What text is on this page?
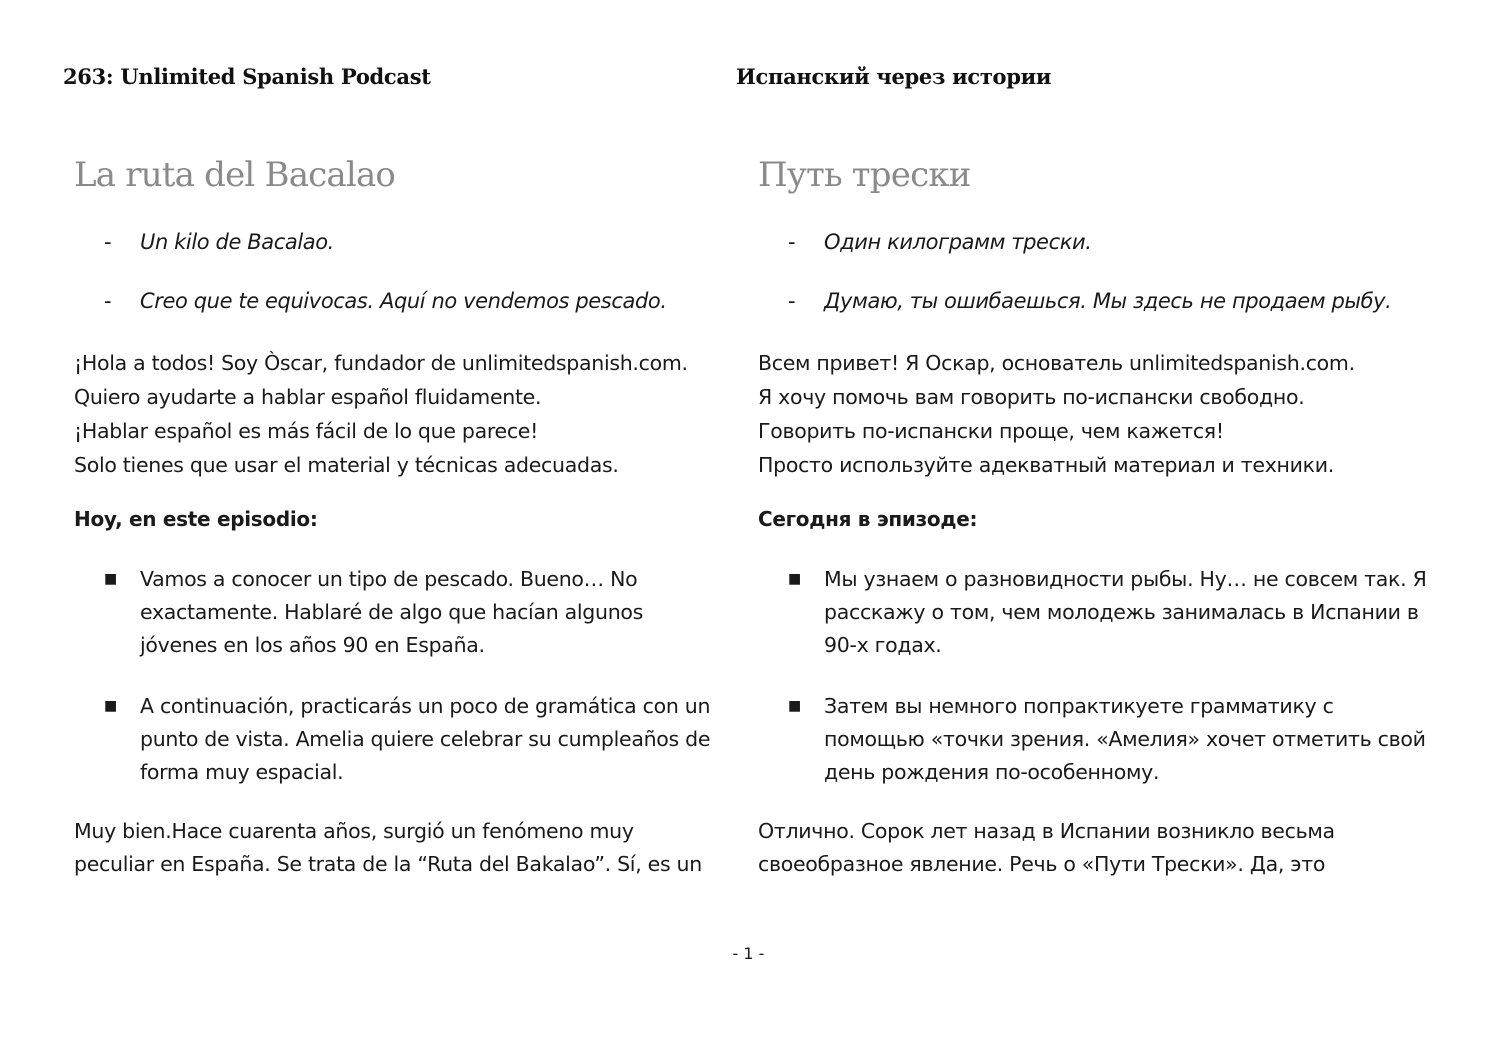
263: Unlimited Spanish Podcast
La ruta del Bacalao
- Un kilo de Bacalao.
- Creo que te equivocas. Aquí no vendemos pescado.
¡Hola a todos! Soy Òscar, fundador de unlimitedspanish.com.
Quiero ayudarte a hablar español fluidamente.
¡Hablar español es más fácil de lo que parece!
Solo tienes que usar el material y técnicas adecuadas.
Hoy, en este episodio:
■ Vamos a conocer un tipo de pescado. Bueno… No exactamente. Hablaré de algo que hacían algunos jóvenes en los años 90 en España.
■ A continuación, practicarás un poco de gramática con un punto de vista. Amelia quiere celebrar su cumpleaños de forma muy espacial.
Muy bien.Hace cuarenta años, surgió un fenómeno muy
peculiar en España. Se trata de la “Ruta del Bakalao”. Sí, es un
Испанский через истории
Путь трески
- Один килограмм трески.
- Думаю, ты ошибаешься. Мы здесь не продаем рыбу.
Всем привет! Я Оскар, основатель unlimitedspanish.com.
Я хочу помочь вам говорить по-испански свободно.
Говорить по-испански проще, чем кажется!
Просто используйте адекватный материал и техники.
Сегодня в эпизоде:
■ Мы узнаем о разновидности рыбы. Ну… не совсем так. Я расскажу о том, чем молодежь занималась в Испании в 90-х годах.
■ Затем вы немного попрактикуете грамматику с помощью «точки зрения. «Амелия» хочет отметить свой день рождения по-особенному.
Отлично. Сорок лет назад в Испании возникло весьма
своеобразное явление. Речь о «Пути Трески». Да, это
- 1 -
